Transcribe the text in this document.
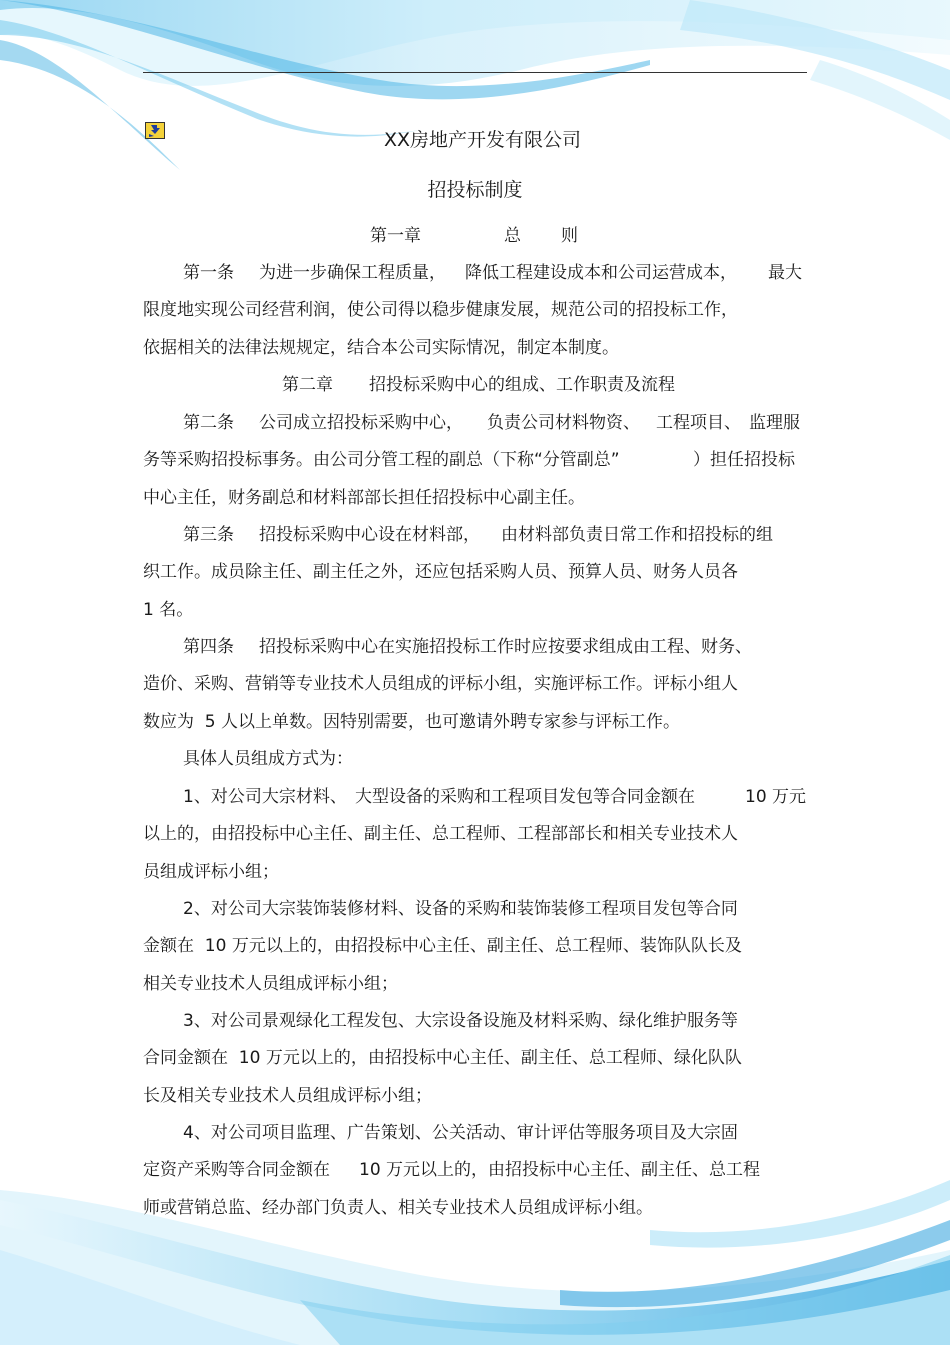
XX房地产开发有限公司
招投标制度
第一章	总 则
第一条 为进一步确保工程质量， 降低工程建设成本和公司运营成本， 最大
限度地实现公司经营利润，使公司得以稳步健康发展，规范公司的招投标工作，
依据相关的法律法规规定，结合本公司实际情况，制定本制度。
第二章 招投标采购中心的组成、工作职责及流程
第二条 公司成立招投标采购中心， 负责公司材料物资、 工程项目、 监理服
务等采购招投标事务。由公司分管工程的副总（下称“分管副总”	）担任招投标
中心主任，财务副总和材料部部长担任招投标中心副主任。
第三条 招投标采购中心设在材料部， 由材料部负责日常工作和招投标的组
织工作。成员除主任、副主任之外，还应包括采购人员、预算人员、财务人员各
1 名。
第四条 招投标采购中心在实施招投标工作时应按要求组成由工程、财务、
造价、采购、营销等专业技术人员组成的评标小组，实施评标工作。评标小组人
数应为  5 人以上单数。因特别需要，也可邀请外聘专家参与评标工作。
具体人员组成方式为：
1、对公司大宗材料、 大型设备的采购和工程项目发包等合同金额在	10 万元
以上的，由招投标中心主任、副主任、总工程师、工程部部长和相关专业技术人
员组成评标小组；
2、对公司大宗装饰装修材料、设备的采购和装饰装修工程项目发包等合同
金额在  10 万元以上的，由招投标中心主任、副主任、总工程师、装饰队队长及
相关专业技术人员组成评标小组；
3、对公司景观绿化工程发包、大宗设备设施及材料采购、绿化维护服务等
合同金额在  10 万元以上的，由招投标中心主任、副主任、总工程师、绿化队队
长及相关专业技术人员组成评标小组；
4、对公司项目监理、广告策划、公关活动、审计评估等服务项目及大宗固
定资产采购等合同金额在 10 万元以上的，由招投标中心主任、副主任、总工程
师或营销总监、经办部门负责人、相关专业技术人员组成评标小组。
